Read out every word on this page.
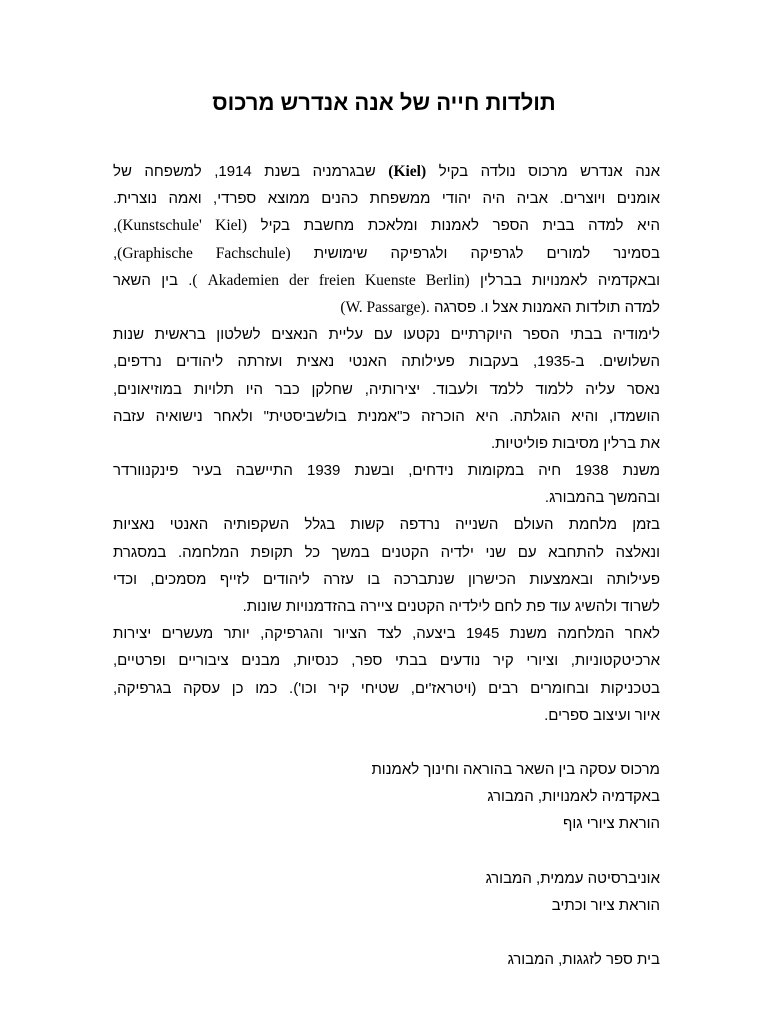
תולדות חייה של אנה אנדרש מרכוס
אנה אנדרש מרכוס נולדה בקיל (Kiel) שבגרמניה בשנת 1914, למשפחה של
אומנים ויוצרים. אביה היה יהודי ממשפחת כהנים ממוצא ספרדי, ואמה נוצרית.
היא למדה בבית הספר לאמנות ומלאכת מחשבת בקיל (Kunstschule' Kiel),
בסמינר למורים לגרפיקה ולגרפיקה שימושית (Graphische Fachschule),
ובאקדמיה לאמנויות בברלין (Akademien der freien Kuenste Berlin ). בין השאר
למדה תולדות האמנות אצל ו. פסרגה .(W. Passarge)
לימודיה בבתי הספר היוקרתיים נקטעו עם עליית הנאצים לשלטון בראשית שנות
השלושים. ב-1935, בעקבות פעילותה האנטי נאצית ועזרתה ליהודים נרדפים,
נאסר עליה ללמוד ללמד ולעבוד. יצירותיה, שחלקן כבר היו תלויות במוזיאונים,
הושמדו, והיא הוגלתה. היא הוכרזה כ"אמנית בולשביסטית" ולאחר נישואיה עזבה
את ברלין מסיבות פוליטיות.
משנת 1938 חיה במקומות נידחים, ובשנת 1939 התיישבה בעיר פינקנוורדר
ובהמשך בהמבורג.
בזמן מלחמת העולם השנייה נרדפה קשות בגלל השקפותיה האנטי נאציות
ונאלצה להתחבא עם שני ילדיה הקטנים במשך כל תקופת המלחמה. במסגרת
פעילותה ובאמצעות הכישרון שנתברכה בו עזרה ליהודים לזייף מסמכים, וכדי
לשרוד ולהשיג עוד פת לחם לילדיה הקטנים ציירה בהזדמנויות שונות.
לאחר המלחמה משנת 1945 ביצעה, לצד הציור והגרפיקה, יותר מעשרים יצירות
ארכיטקטוניות, וציורי קיר נודעים בבתי ספר, כנסיות, מבנים ציבוריים ופרטיים,
בטכניקות ובחומרים רבים (ויטראז'ים, שטיחי קיר וכו'). כמו כן עסקה בגרפיקה,
איור ועיצוב ספרים.
מרכוס עסקה בין השאר בהוראה וחינוך לאמנות
באקדמיה לאמנויות, המבורג
הוראת ציורי גוף
אוניברסיטה עממית, המבורג
הוראת ציור וכתיב
בית ספר לזגגות, המבורג
